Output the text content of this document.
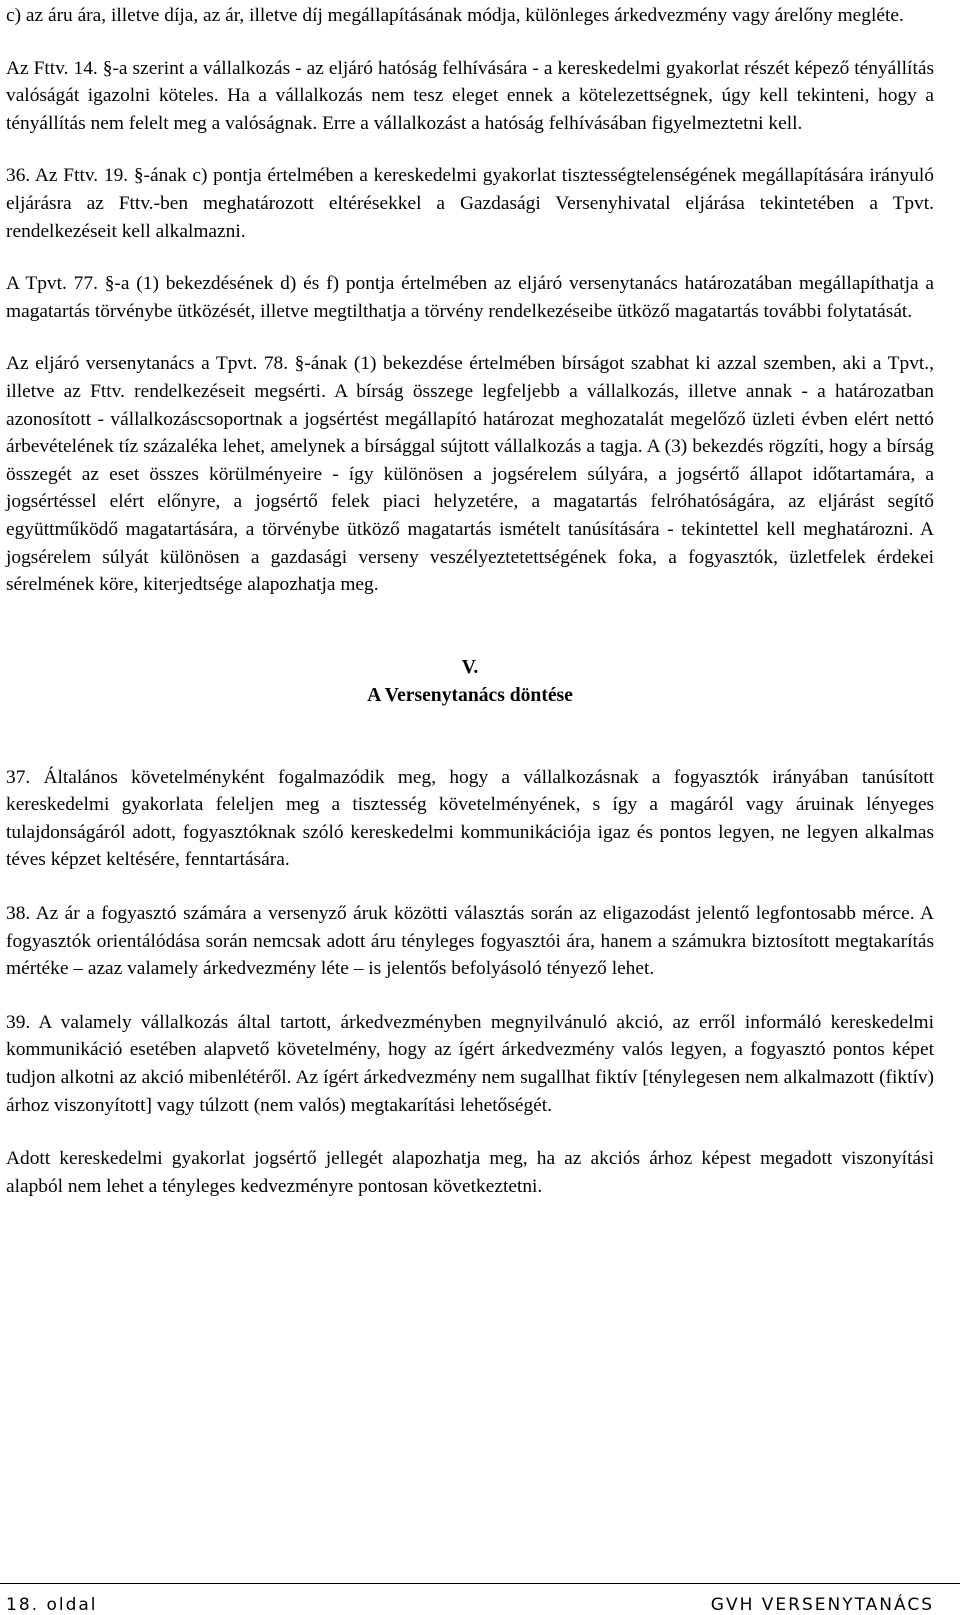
c) az áru ára, illetve díja, az ár, illetve díj megállapításának módja, különleges árkedvezmény vagy árelőny megléte.

Az Fttv. 14. §-a szerint a vállalkozás - az eljáró hatóság felhívására - a kereskedelmi gyakorlat részét képező tényállítás valóságát igazolni köteles. Ha a vállalkozás nem tesz eleget ennek a kötelezettségnek, úgy kell tekinteni, hogy a tényállítás nem felelt meg a valóságnak. Erre a vállalkozást a hatóság felhívásában figyelmeztetni kell.

36. Az Fttv. 19. §-ának c) pontja értelmében a kereskedelmi gyakorlat tisztességtelenségének megállapítására irányuló eljárásra az Fttv.-ben meghatározott eltérésekkel a Gazdasági Versenyhivatal eljárása tekintetében a Tpvt. rendelkezéseit kell alkalmazni.

A Tpvt. 77. §-a (1) bekezdésének d) és f) pontja értelmében az eljáró versenytanács határozatában megállapíthatja a magatartás törvénybe ütközését, illetve megtilthatja a törvény rendelkezéseibe ütköző magatartás további folytatását.

Az eljáró versenytanács a Tpvt. 78. §-ának (1) bekezdése értelmében bírságot szabhat ki azzal szemben, aki a Tpvt., illetve az Fttv. rendelkezéseit megsérti. A bírság összege legfeljebb a vállalkozás, illetve annak - a határozatban azonosított - vállalkozáscsoportnak a jogsértést megállapító határozat meghozatalát megelőző üzleti évben elért nettó árbevételének tíz százaléka lehet, amelynek a bírsággal sújtott vállalkozás a tagja. A (3) bekezdés rögzíti, hogy a bírság összegét az eset összes körülményeire - így különösen a jogsérelem súlyára, a jogsértő állapot időtartamára, a jogsértéssel elért előnyre, a jogsértő felek piaci helyzetére, a magatartás felróhatóságára, az eljárást segítő együttműködő magatartására, a törvénybe ütköző magatartás ismételt tanúsítására - tekintettel kell meghatározni. A jogsérelem súlyát különösen a gazdasági verseny veszélyeztetettségének foka, a fogyasztók, üzletfelek érdekei sérelmének köre, kiterjedtsége alapozhatja meg.

V.

A Versenytanács döntése

37. Általános követelményként fogalmazódik meg, hogy a vállalkozásnak a fogyasztók irányában tanúsított kereskedelmi gyakorlata feleljen meg a tisztesség követelményének, s így a magáról vagy áruinak lényeges tulajdonságáról adott, fogyasztóknak szóló kereskedelmi kommunikációja igaz és pontos legyen, ne legyen alkalmas téves képzet keltésére, fenntartására.

38. Az ár a fogyasztó számára a versenyző áruk közötti választás során az eligazodást jelentő legfontosabb mérce. A fogyasztók orientálódása során nemcsak adott áru tényleges fogyasztói ára, hanem a számukra biztosított megtakarítás mértéke – azaz valamely árkedvezmény léte – is jelentős befolyásoló tényező lehet.

39. A valamely vállalkozás által tartott, árkedvezményben megnyilvánuló akció, az erről informáló kereskedelmi kommunikáció esetében alapvető követelmény, hogy az ígért árkedvezmény valós legyen, a fogyasztó pontos képet tudjon alkotni az akció mibenlétéről. Az ígért árkedvezmény nem sugallhat fiktív [ténylegesen nem alkalmazott (fiktív) árhoz viszonyított] vagy túlzott (nem valós) megtakarítási lehetőségét.

Adott kereskedelmi gyakorlat jogsértő jellegét alapozhatja meg, ha az akciós árhoz képest megadott viszonyítási alapból nem lehet a tényleges kedvezményre pontosan következtetni.

18. oldal	GVH VERSENYTANÁCS
